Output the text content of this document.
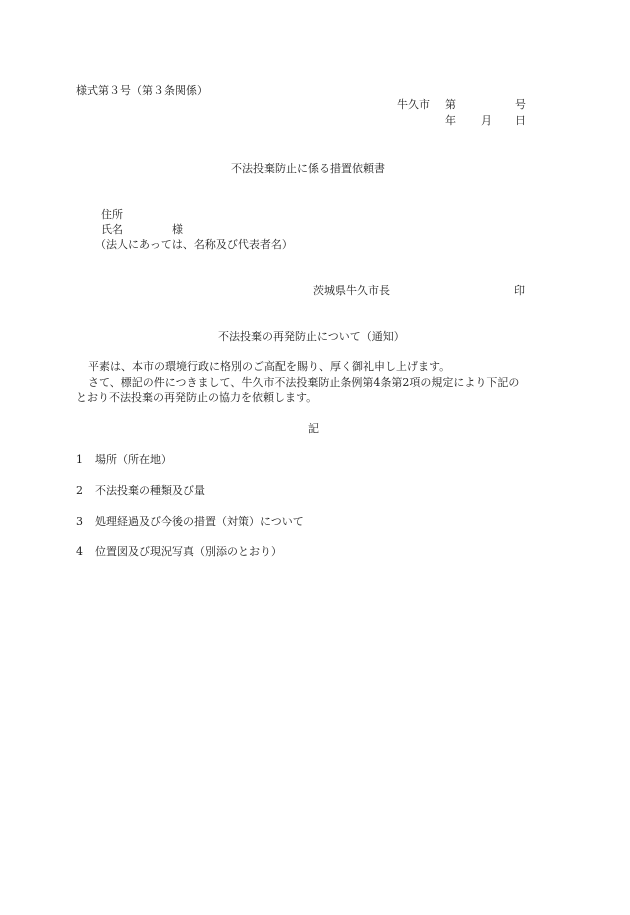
様式第３号（第３条関係）
牛久市 第	号
年 月 日
不法投棄防止に係る措置依頼書
住所
氏名	様
（法人にあっては、名称及び代表者名）
茨城県牛久市長	印
不法投棄の再発防止について（通知）
平素は、本市の環境行政に格別のご高配を賜り、厚く御礼申し上げます。
さて、標記の件につきまして、牛久市不法投棄防止条例第4条第2項の規定により下記の
とおり不法投棄の再発防止の協力を依頼します。
記
1 場所（所在地）
2 不法投棄の種類及び量
3 処理経過及び今後の措置（対策）について
4 位置図及び現況写真（別添のとおり）
